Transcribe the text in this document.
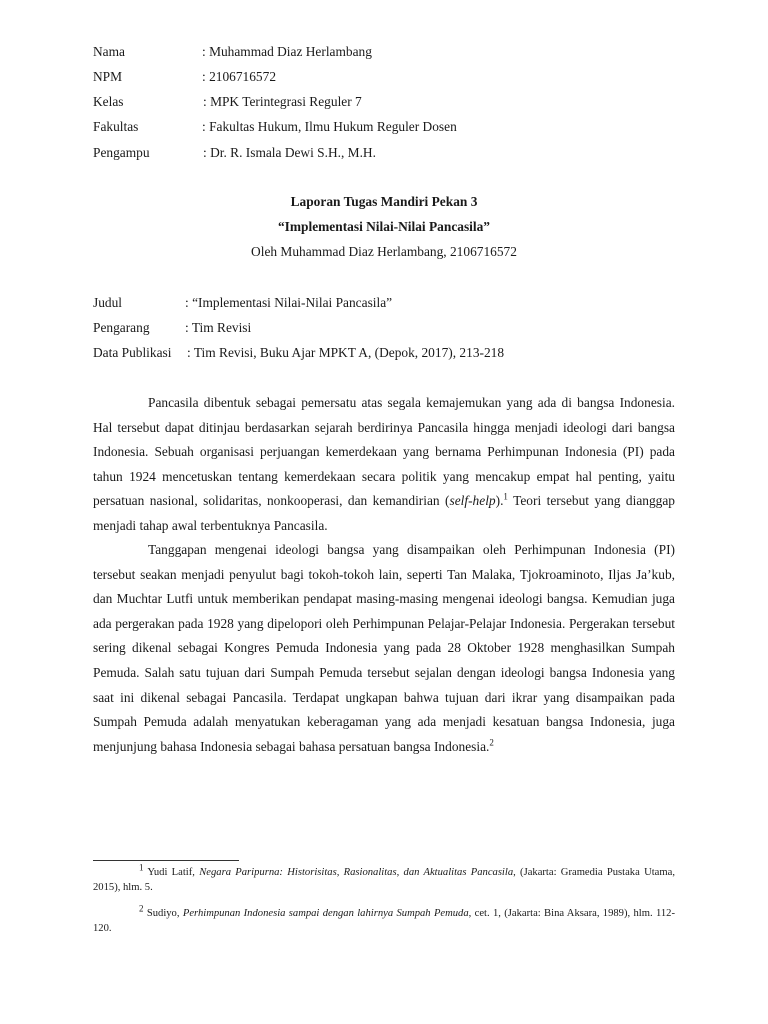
Nama	: Muhammad Diaz Herlambang
NPM	: 2106716572
Kelas	: MPK Terintegrasi Reguler 7
Fakultas	: Fakultas Hukum, Ilmu Hukum Reguler Dosen
Pengampu	: Dr. R. Ismala Dewi S.H., M.H.
Laporan Tugas Mandiri Pekan 3
“Implementasi Nilai-Nilai Pancasila”
Oleh Muhammad Diaz Herlambang, 2106716572
Judul	: “Implementasi Nilai-Nilai Pancasila”
Pengarang	: Tim Revisi
Data Publikasi : Tim Revisi, Buku Ajar MPKT A, (Depok, 2017), 213-218

Pancasila dibentuk sebagai pemersatu atas segala kemajemukan yang ada di bangsa Indonesia. Hal tersebut dapat ditinjau berdasarkan sejarah berdirinya Pancasila hingga menjadi ideologi dari bangsa Indonesia. Sebuah organisasi perjuangan kemerdekaan yang bernama Perhimpunan Indonesia (PI) pada tahun 1924 mencetuskan tentang kemerdekaan secara politik yang mencakup empat hal penting, yaitu persatuan nasional, solidaritas, nonkooperasi, dan kemandirian (self-help).$^1$ Teori tersebut yang dianggap menjadi tahap awal terbentuknya Pancasila.

Tanggapan mengenai ideologi bangsa yang disampaikan oleh Perhimpunan Indonesia (PI) tersebut seakan menjadi penyulut bagi tokoh-tokoh lain, seperti Tan Malaka, Tjokroaminoto, Iljas Ja’kub, dan Muchtar Lutfi untuk memberikan pendapat masing-masing mengenai ideologi bangsa. Kemudian juga ada pergerakan pada 1928 yang dipelopori oleh Perhimpunan Pelajar-Pelajar Indonesia. Pergerakan tersebut sering dikenal sebagai Kongres Pemuda Indonesia yang pada 28 Oktober 1928 menghasilkan Sumpah Pemuda. Salah satu tujuan dari Sumpah Pemuda tersebut sejalan dengan ideologi bangsa Indonesia yang saat ini dikenal sebagai Pancasila. Terdapat ungkapan bahwa tujuan dari ikrar yang disampaikan pada Sumpah Pemuda adalah menyatukan keberagaman yang ada menjadi kesatuan bangsa Indonesia, juga menjunjung bahasa Indonesia sebagai bahasa persatuan bangsa Indonesia.$^2$

$^1$ Yudi Latif, Negara Paripurna: Historisitas, Rasionalitas, dan Aktualitas Pancasila, (Jakarta: Gramedia Pustaka Utama, 2015), hlm. 5.

$^2$ Sudiyo, Perhimpunan Indonesia sampai dengan lahirnya Sumpah Pemuda, cet. 1, (Jakarta: Bina Aksara, 1989), hlm. 112-120.
